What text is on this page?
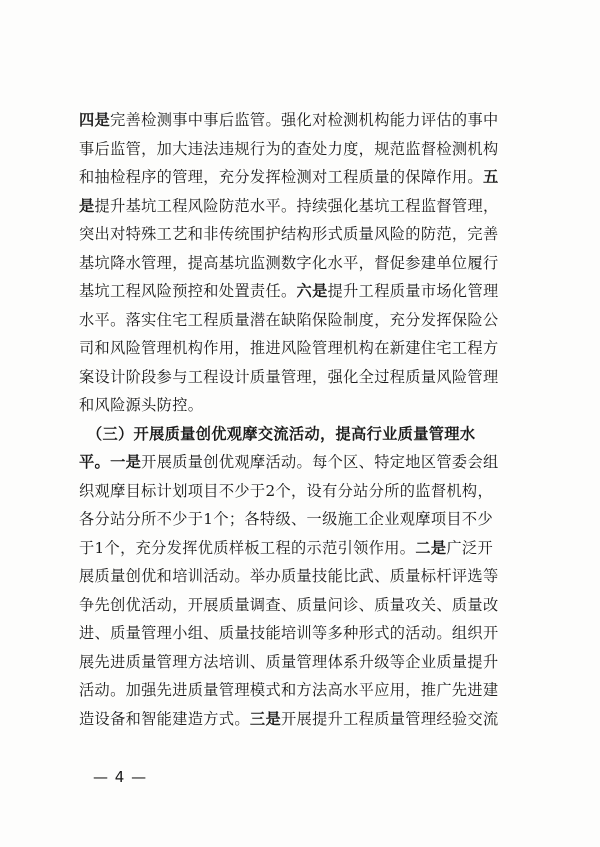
四是完善检测事中事后监管。强化对检测机构能力评估的事中
事后监管，加大违法违规行为的查处力度，规范监督检测机构
和抽检程序的管理，充分发挥检测对工程质量的保障作用。五
是提升基坑工程风险防范水平。持续强化基坑工程监督管理，
突出对特殊工艺和非传统围护结构形式质量风险的防范，完善
基坑降水管理，提高基坑监测数字化水平，督促参建单位履行
基坑工程风险预控和处置责任。六是提升工程质量市场化管理
水平。落实住宅工程质量潜在缺陷保险制度，充分发挥保险公
司和风险管理机构作用，推进风险管理机构在新建住宅工程方
案设计阶段参与工程设计质量管理，强化全过程质量风险管理
和风险源头防控。
　（三）开展质量创优观摩交流活动，提高行业质量管理水
平。一是开展质量创优观摩活动。每个区、特定地区管委会组
织观摩目标计划项目不少于2个，设有分站分所的监督机构，
各分站分所不少于1个；各特级、一级施工企业观摩项目不少
于1个，充分发挥优质样板工程的示范引领作用。二是广泛开
展质量创优和培训活动。举办质量技能比武、质量标杆评选等
争先创优活动，开展质量调查、质量问诊、质量攻关、质量改
进、质量管理小组、质量技能培训等多种形式的活动。组织开
展先进质量管理方法培训、质量管理体系升级等企业质量提升
活动。加强先进质量管理模式和方法高水平应用，推广先进建
造设备和智能建造方式。三是开展提升工程质量管理经验交流
— 4 —
